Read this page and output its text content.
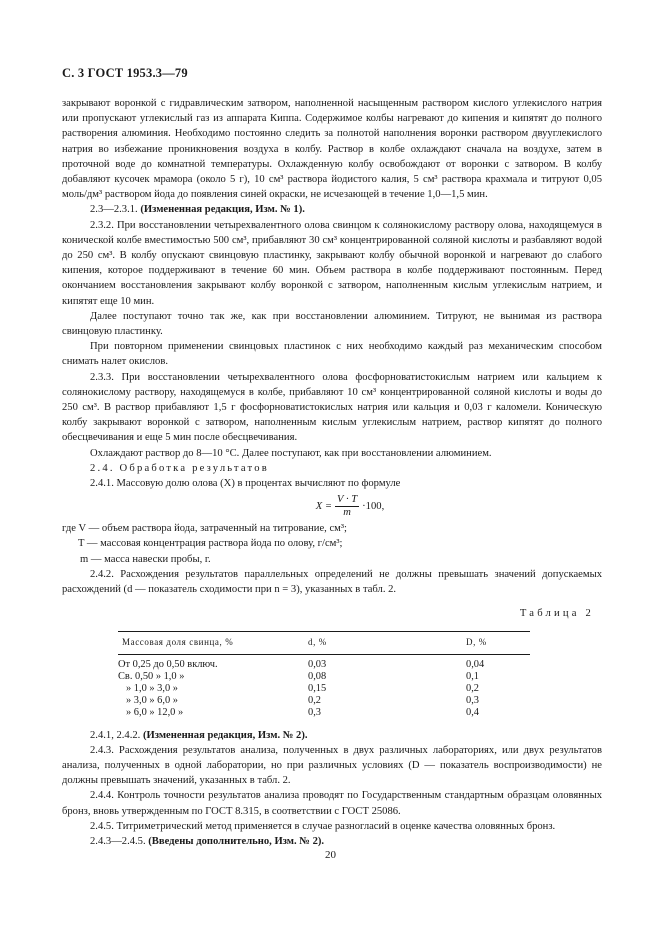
С. 3 ГОСТ 1953.3—79

закрывают воронкой с гидравлическим затвором, наполненной насыщенным раствором кислого углекислого натрия или пропускают углекислый газ из аппарата Киппа. Содержимое колбы нагревают до кипения и кипятят до полного растворения алюминия. Необходимо постоянно следить за полнотой наполнения воронки раствором двууглекислого натрия во избежание проникновения воздуха в колбу. Раствор в колбе охлаждают сначала на воздухе, затем в проточной воде до комнатной температуры. Охлажденную колбу освобождают от воронки с затвором. В колбу добавляют кусочек мрамора (около 5 г), 10 см³ раствора йодистого калия, 5 см³ раствора крахмала и титруют 0,05 моль/дм³ раствором йода до появления синей окраски, не исчезающей в течение 1,0—1,5 мин.

2.3—2.3.1. (Измененная редакция, Изм. № 1).

2.3.2. При восстановлении четырехвалентного олова свинцом к солянокислому раствору олова, находящемуся в конической колбе вместимостью 500 см³, прибавляют 30 см³ концентрированной соляной кислоты и разбавляют водой до 250 см³. В колбу опускают свинцовую пластинку, закрывают колбу обычной воронкой и нагревают до слабого кипения, которое поддерживают в течение 60 мин. Объем раствора в колбе поддерживают постоянным. Перед окончанием восстановления закрывают колбу воронкой с затвором, наполненным кислым углекислым натрием, и кипятят еще 10 мин.

Далее поступают точно так же, как при восстановлении алюминием. Титруют, не вынимая из раствора свинцовую пластинку.

При повторном применении свинцовых пластинок с них необходимо каждый раз механическим способом снимать налет окислов.

2.3.3. При восстановлении четырехвалентного олова фосфорноватистокислым натрием или кальцием к солянокислому раствору, находящемуся в колбе, прибавляют 10 см³ концентрированной соляной кислоты и воды до 250 см³. В раствор прибавляют 1,5 г фосфорноватистокислых натрия или кальция и 0,03 г каломели. Коническую колбу закрывают воронкой с затвором, наполненным кислым углекислым натрием, раствор кипятят до полного обесцвечивания и еще 5 мин после обесцвечивания.

Охлаждают раствор до 8—10 °С. Далее поступают, как при восстановлении алюминием.

2.4. Обработка результатов

2.4.1. Массовую долю олова (X) в процентах вычисляют по формуле

$X = \frac{V \cdot T}{m} \cdot 100$,

где V — объем раствора йода, затраченный на титрование, см³;

T — массовая концентрация раствора йода по олову, г/см³;

m — масса навески пробы, г.

2.4.2. Расхождения результатов параллельных определений не должны превышать значений допускаемых расхождений (d — показатель сходимости при n = 3), указанных в табл. 2.

Таблица 2
Массовая доля свинца, %	d, %	D, %
От 0,25 до 0,50 включ.	0,03	0,04
Св. 0,50 » 1,0 »	0,08	0,1
» 1,0 » 3,0 »	0,15	0,2
» 3,0 » 6,0 »	0,2	0,3
» 6,0 » 12,0 »	0,3	0,4

2.4.1, 2.4.2. (Измененная редакция, Изм. № 2).

2.4.3. Расхождения результатов анализа, полученных в двух различных лабораториях, или двух результатов анализа, полученных в одной лаборатории, но при различных условиях (D — показатель воспроизводимости) не должны превышать значений, указанных в табл. 2.

2.4.4. Контроль точности результатов анализа проводят по Государственным стандартным образцам оловянных бронз, вновь утвержденным по ГОСТ 8.315, в соответствии с ГОСТ 25086.

2.4.5. Титриметрический метод применяется в случае разногласий в оценке качества оловянных бронз.

2.4.3—2.4.5. (Введены дополнительно, Изм. № 2).

20
